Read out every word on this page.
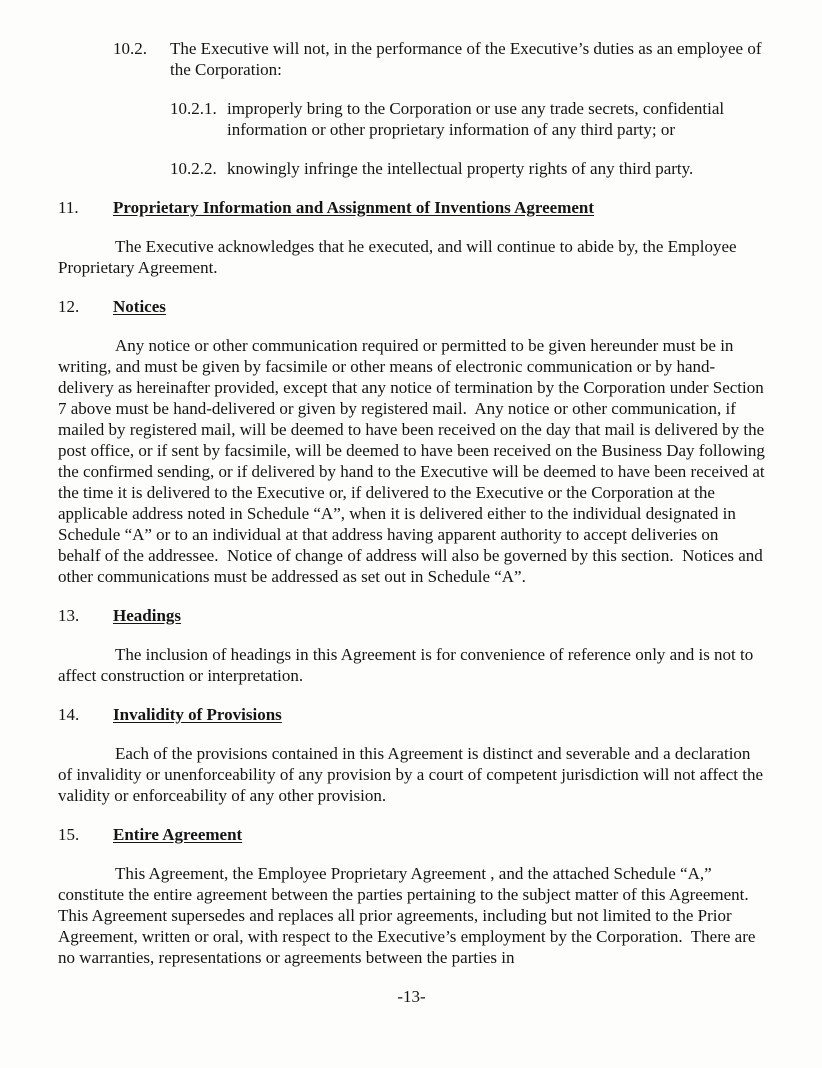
10.2.	The Executive will not, in the performance of the Executive’s duties as an employee of the Corporation:
10.2.1. improperly bring to the Corporation or use any trade secrets, confidential information or other proprietary information of any third party; or
10.2.2. knowingly infringe the intellectual property rights of any third party.
11.	Proprietary Information and Assignment of Inventions Agreement

The Executive acknowledges that he executed, and will continue to abide by, the Employee Proprietary Agreement.

12.	Notices

Any notice or other communication required or permitted to be given hereunder must be in writing, and must be given by facsimile or other means of electronic communication or by hand-delivery as hereinafter provided, except that any notice of termination by the Corporation under Section 7 above must be hand-delivered or given by registered mail.  Any notice or other communication, if mailed by registered mail, will be deemed to have been received on the day that mail is delivered by the post office, or if sent by facsimile, will be deemed to have been received on the Business Day following the confirmed sending, or if delivered by hand to the Executive will be deemed to have been received at the time it is delivered to the Executive or, if delivered to the Executive or the Corporation at the applicable address noted in Schedule “A”, when it is delivered either to the individual designated in Schedule “A” or to an individual at that address having apparent authority to accept deliveries on behalf of the addressee.  Notice of change of address will also be governed by this section.  Notices and other communications must be addressed as set out in Schedule “A”.

13.	Headings

The inclusion of headings in this Agreement is for convenience of reference only and is not to affect construction or interpretation.

14.	Invalidity of Provisions

Each of the provisions contained in this Agreement is distinct and severable and a declaration of invalidity or unenforceability of any provision by a court of competent jurisdiction will not affect the validity or enforceability of any other provision.

15.	Entire Agreement

This Agreement, the Employee Proprietary Agreement , and the attached Schedule “A,” constitute the entire agreement between the parties pertaining to the subject matter of this Agreement.  This Agreement supersedes and replaces all prior agreements, including but not limited to the Prior Agreement, written or oral, with respect to the Executive’s employment by the Corporation.  There are no warranties, representations or agreements between the parties in

-13-
